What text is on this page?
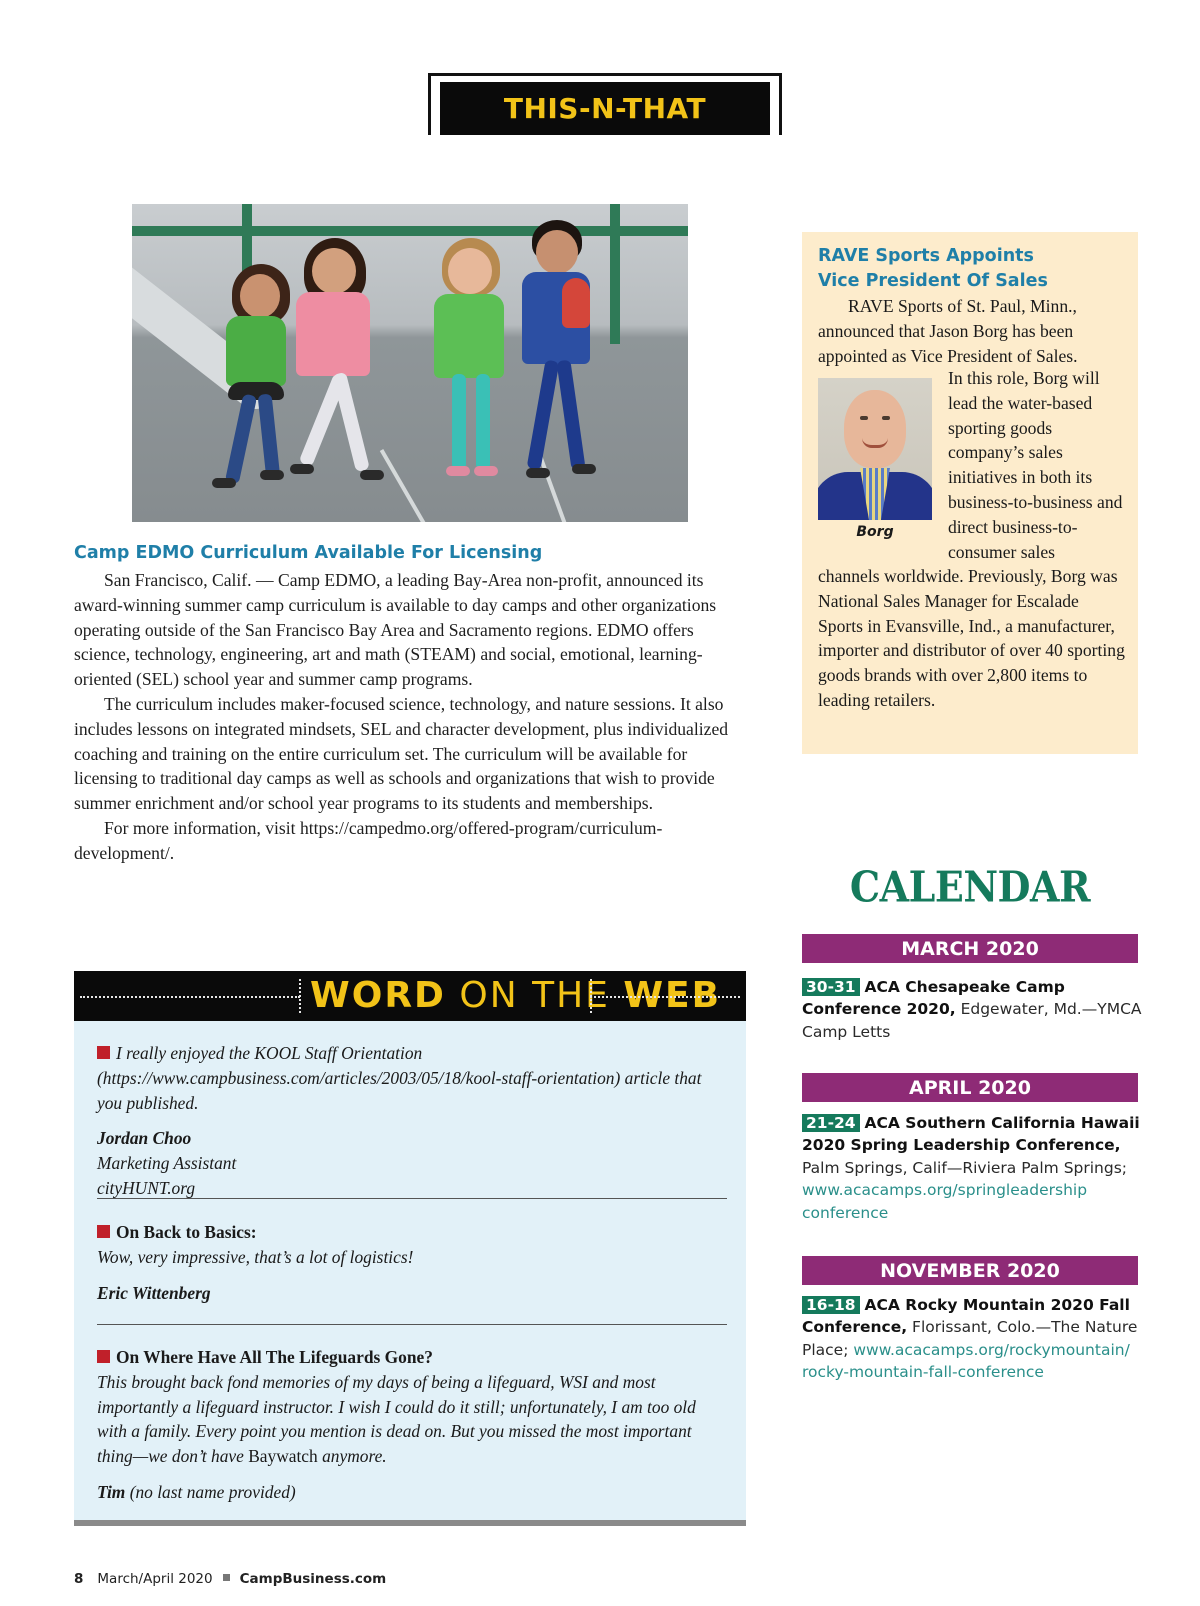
THIS-N-THAT
Camp EDMO Curriculum Available For Licensing

San Francisco, Calif. — Camp EDMO, a leading Bay-Area non-profit, announced its award-winning summer camp curriculum is available to day camps and other organizations operating outside of the San Francisco Bay Area and Sacramento regions. EDMO offers science, technology, engineering, art and math (STEAM) and social, emotional, learning-oriented (SEL) school year and summer camp programs.

The curriculum includes maker-focused science, technology, and nature sessions. It also includes lessons on integrated mindsets, SEL and character development, plus individualized coaching and training on the entire curriculum set. The curriculum will be available for licensing to traditional day camps as well as schools and organizations that wish to provide summer enrichment and/or school year programs to its students and memberships.

For more information, visit https://campedmo.org/offered-program/curriculum-development/.

RAVE Sports Appoints
Vice President Of Sales
RAVE Sports of St. Paul, Minn., announced that Jason Borg has been appointed as Vice President of Sales.
Borg
In this role, Borg will lead the water-based sporting goods company’s sales initiatives in both its business-to-business and direct business-to-consumer sales
channels worldwide. Previously, Borg was National Sales Manager for Escalade Sports in Evansville, Ind., a manufacturer, importer and distributor of over 40 sporting goods brands with over 2,800 items to leading retailers.
CALENDAR
MARCH 2020
30-31 ACA Chesapeake Camp Conference 2020, Edgewater, Md.—YMCA Camp Letts
APRIL 2020
21-24 ACA Southern California Hawaii 2020 Spring Leadership Conference, Palm Springs, Calif—Riviera Palm Springs; www.acacamps.org/springleadership conference
NOVEMBER 2020
16-18 ACA Rocky Mountain 2020 Fall Conference, Florissant, Colo.—The Nature Place; www.acacamps.org/rockymountain/ rocky-mountain-fall-conference
WORD ON THE WEB
I really enjoyed the KOOL Staff Orientation (https://www.campbusiness.com/articles/2003/05/18/kool-staff-orientation) article that you published.
Jordan Choo
Marketing Assistant
cityHUNT.org
On Back to Basics:
Wow, very impressive, that’s a lot of logistics!
Eric Wittenberg
On Where Have All The Lifeguards Gone?
This brought back fond memories of my days of being a lifeguard, WSI and most importantly a lifeguard instructor. I wish I could do it still; unfortunately, I am too old with a family. Every point you mention is dead on. But you missed the most important thing—we don’t have Baywatch anymore.
Tim (no last name provided)
8 March/April 2020 CampBusiness.com
